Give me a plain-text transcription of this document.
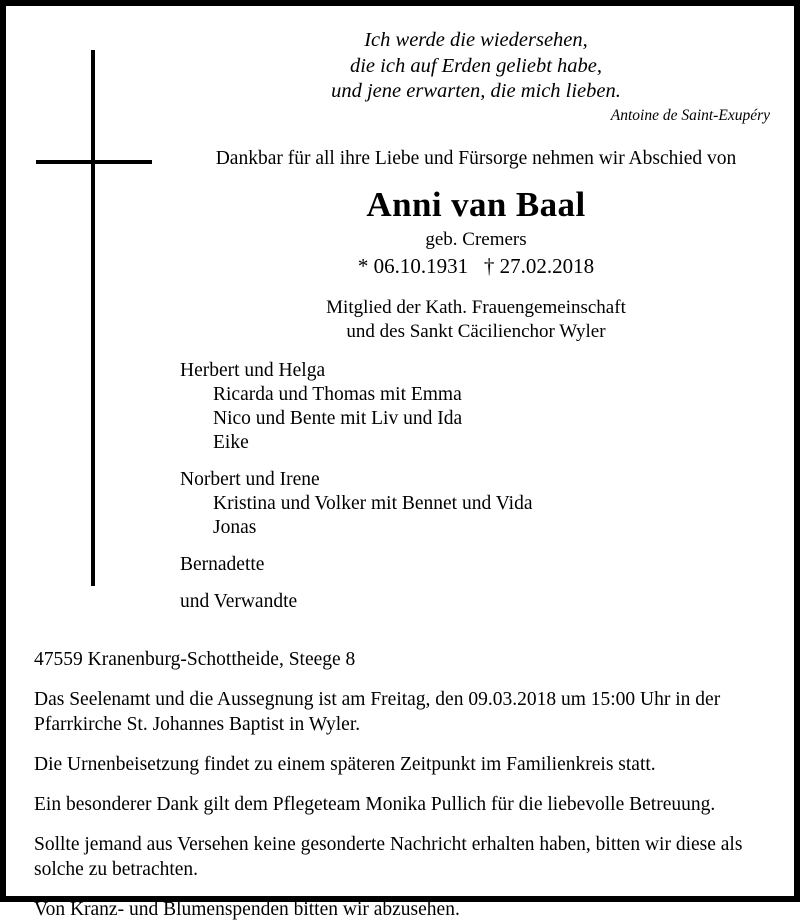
Ich werde die wiedersehen,
die ich auf Erden geliebt habe,
und jene erwarten, die mich lieben.
Antoine de Saint-Exupéry
Dankbar für all ihre Liebe und Fürsorge nehmen wir Abschied von
Anni van Baal
geb. Cremers
* 06.10.1931   † 27.02.2018
Mitglied der Kath. Frauengemeinschaft
und des Sankt Cäcilienchor Wyler
Herbert und Helga
Ricarda und Thomas mit Emma
Nico und Bente mit Liv und Ida
Eike
Norbert und Irene
Kristina und Volker mit Bennet und Vida
Jonas
Bernadette
und Verwandte
47559 Kranenburg-Schottheide, Steege 8
Das Seelenamt und die Aussegnung ist am Freitag, den 09.03.2018 um 15:00 Uhr in der Pfarrkirche St. Johannes Baptist in Wyler.
Die Urnenbeisetzung findet zu einem späteren Zeitpunkt im Familienkreis statt.
Ein besonderer Dank gilt dem Pflegeteam Monika Pullich für die liebevolle Betreuung.
Sollte jemand aus Versehen keine gesonderte Nachricht erhalten haben, bitten wir diese als solche zu betrachten.
Von Kranz- und Blumenspenden bitten wir abzusehen.
